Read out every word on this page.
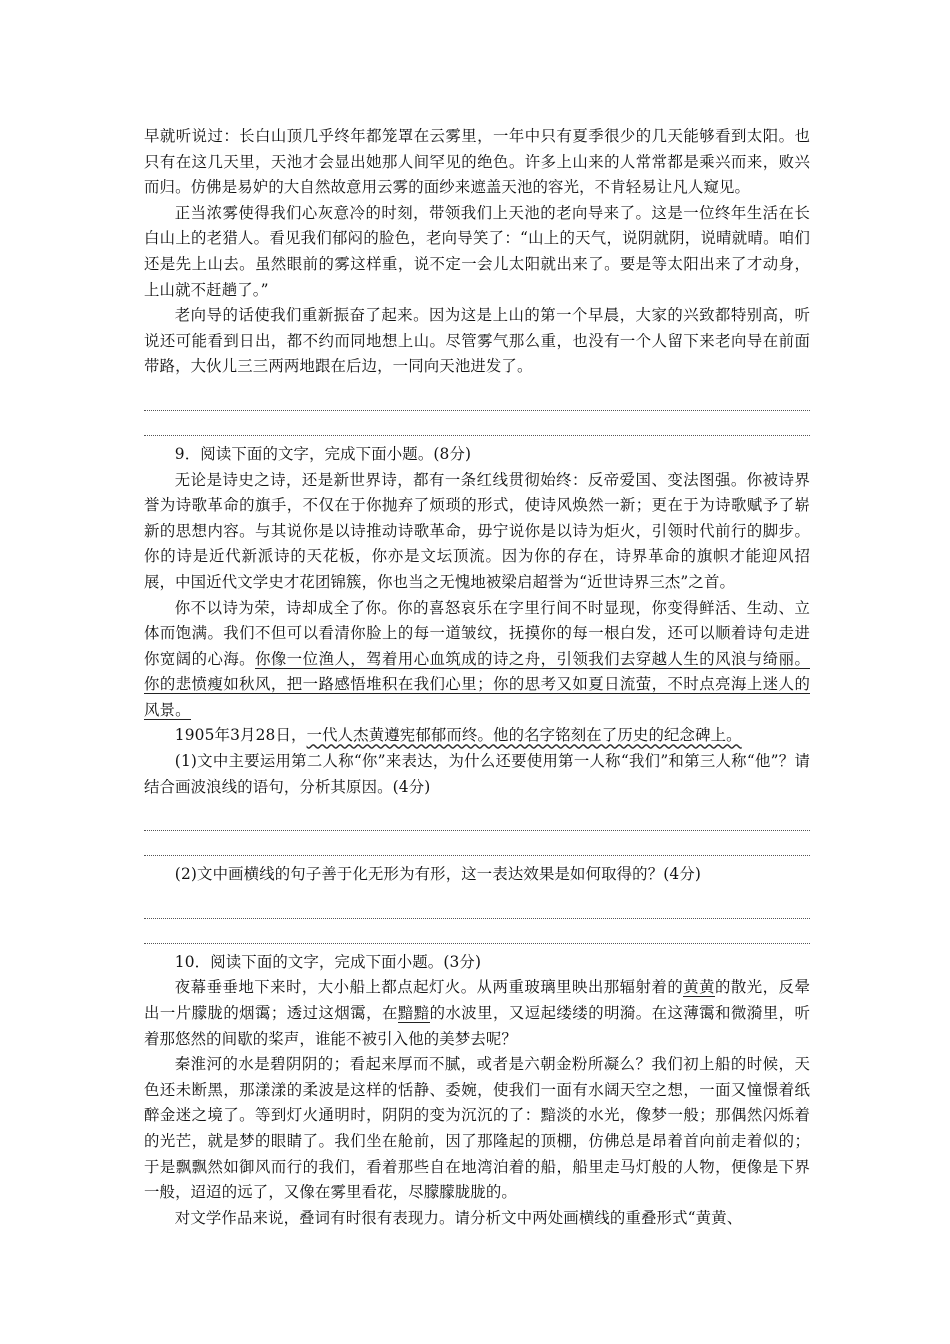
早就听说过：长白山顶几乎终年都笼罩在云雾里，一年中只有夏季很少的几天能够看到太阳。也只有在这几天里，天池才会显出她那人间罕见的绝色。许多上山来的人常常都是乘兴而来，败兴而归。仿佛是易妒的大自然故意用云雾的面纱来遮盖天池的容光，不肯轻易让凡人窥见。

正当浓雾使得我们心灰意冷的时刻，带领我们上天池的老向导来了。这是一位终年生活在长白山上的老猎人。看见我们郁闷的脸色，老向导笑了：“山上的天气，说阴就阴，说晴就晴。咱们还是先上山去。虽然眼前的雾这样重，说不定一会儿太阳就出来了。要是等太阳出来了才动身，上山就不赶趟了。”

老向导的话使我们重新振奋了起来。因为这是上山的第一个早晨，大家的兴致都特别高，听说还可能看到日出，都不约而同地想上山。尽管雾气那么重，也没有一个人留下来老向导在前面带路，大伙儿三三两两地跟在后边，一同向天池进发了。

9．阅读下面的文字，完成下面小题。(8分)

无论是诗史之诗，还是新世界诗，都有一条红线贯彻始终：反帝爱国、变法图强。你被诗界誉为诗歌革命的旗手，不仅在于你抛弃了烦琐的形式，使诗风焕然一新；更在于为诗歌赋予了崭新的思想内容。与其说你是以诗推动诗歌革命，毋宁说你是以诗为炬火，引领时代前行的脚步。你的诗是近代新派诗的天花板，你亦是文坛顶流。因为你的存在，诗界革命的旗帜才能迎风招展，中国近代文学史才花团锦簇，你也当之无愧地被梁启超誉为“近世诗界三杰”之首。

你不以诗为荣，诗却成全了你。你的喜怒哀乐在字里行间不时显现，你变得鲜活、生动、立体而饱满。我们不但可以看清你脸上的每一道皱纹，抚摸你的每一根白发，还可以顺着诗句走进你宽阔的心海。你像一位渔人，驾着用心血筑成的诗之舟，引领我们去穿越人生的风浪与绮丽。你的悲愤瘦如秋风，把一路感悟堆积在我们心里；你的思考又如夏日流萤，不时点亮海上迷人的风景。

1905年3月28日，一代人杰黄遵宪郁郁而终。他的名字铭刻在了历史的纪念碑上。

(1)文中主要运用第二人称“你”来表达，为什么还要使用第一人称“我们”和第三人称“他”？请结合画波浪线的语句，分析其原因。(4分)

(2)文中画横线的句子善于化无形为有形，这一表达效果是如何取得的？(4分)

10．阅读下面的文字，完成下面小题。(3分)

夜幕垂垂地下来时，大小船上都点起灯火。从两重玻璃里映出那辐射着的黄黄的散光，反晕出一片朦胧的烟霭；透过这烟霭，在黯黯的水波里，又逗起缕缕的明漪。在这薄霭和微漪里，听着那悠然的间歇的桨声，谁能不被引入他的美梦去呢？

秦淮河的水是碧阴阴的；看起来厚而不腻，或者是六朝金粉所凝么？我们初上船的时候，天色还未断黑，那漾漾的柔波是这样的恬静、委婉，使我们一面有水阔天空之想，一面又憧憬着纸醉金迷之境了。等到灯火通明时，阴阴的变为沉沉的了：黯淡的水光，像梦一般；那偶然闪烁着的光芒，就是梦的眼睛了。我们坐在舱前，因了那隆起的顶棚，仿佛总是昂着首向前走着似的；于是飘飘然如御风而行的我们，看着那些自在地湾泊着的船，船里走马灯般的人物，便像是下界一般，迢迢的远了，又像在雾里看花，尽朦朦胧胧的。

对文学作品来说，叠词有时很有表现力。请分析文中两处画横线的重叠形式“黄黄、
